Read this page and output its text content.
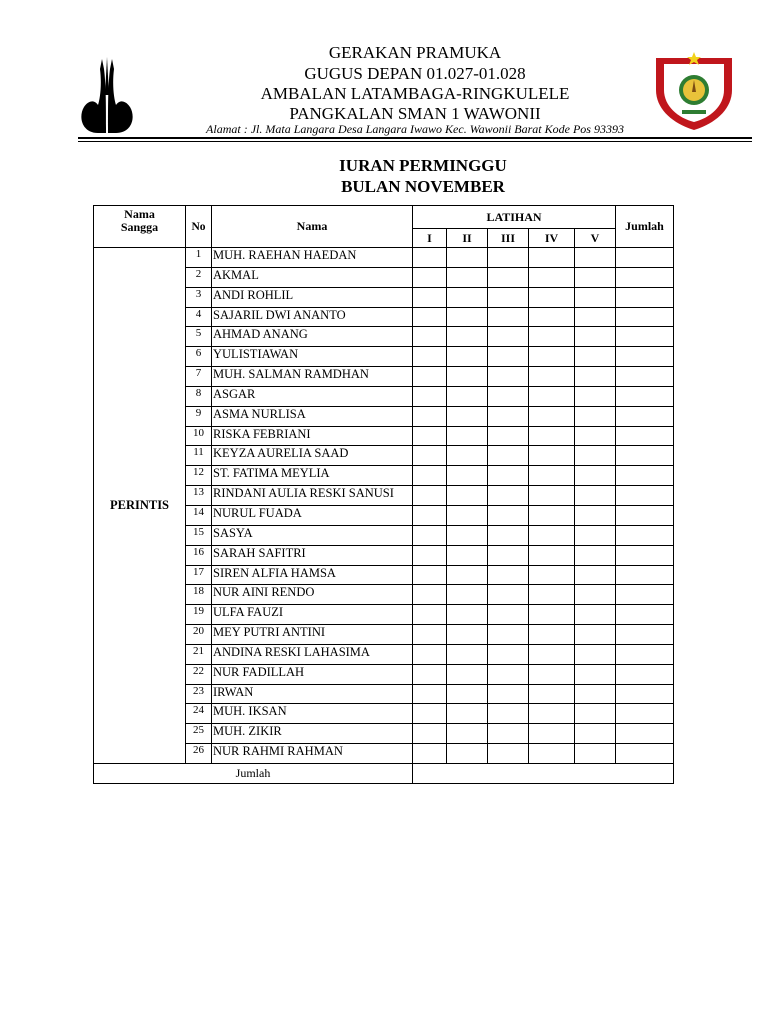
GERAKAN PRAMUKA
GUGUS DEPAN 01.027-01.028
AMBALAN LATAMBAGA-RINGKULELE
PANGKALAN SMAN 1 WAWONII
Alamat : Jl. Mata Langara Desa Langara Iwawo Kec. Wawonii Barat Kode Pos 93393
IURAN PERMINGGU
BULAN NOVEMBER
Nama Sangga	No	Nama	LATIHAN					Jumlah
			I	II	III	IV	V	
PERINTIS	1	MUH. RAEHAN HAEDAN						
	2	AKMAL						
	3	ANDI ROHLIL						
	4	SAJARIL DWI ANANTO						
	5	AHMAD ANANG						
	6	YULISTIAWAN						
	7	MUH. SALMAN RAMDHAN						
	8	ASGAR						
	9	ASMA NURLISA						
	10	RISKA FEBRIANI						
	11	KEYZA AURELIA SAAD						
	12	ST. FATIMA MEYLIA						
	13	RINDANI AULIA RESKI SANUSI						
	14	NURUL FUADA						
	15	SASYA						
	16	SARAH SAFITRI						
	17	SIREN ALFIA HAMSA						
	18	NUR AINI RENDO						
	19	ULFA FAUZI						
	20	MEY PUTRI ANTINI						
	21	ANDINA RESKI LAHASIMA						
	22	NUR FADILLAH						
	23	IRWAN						
	24	MUH. IKSAN						
	25	MUH. ZIKIR						
	26	NUR RAHMI RAHMAN						
Jumlah								
